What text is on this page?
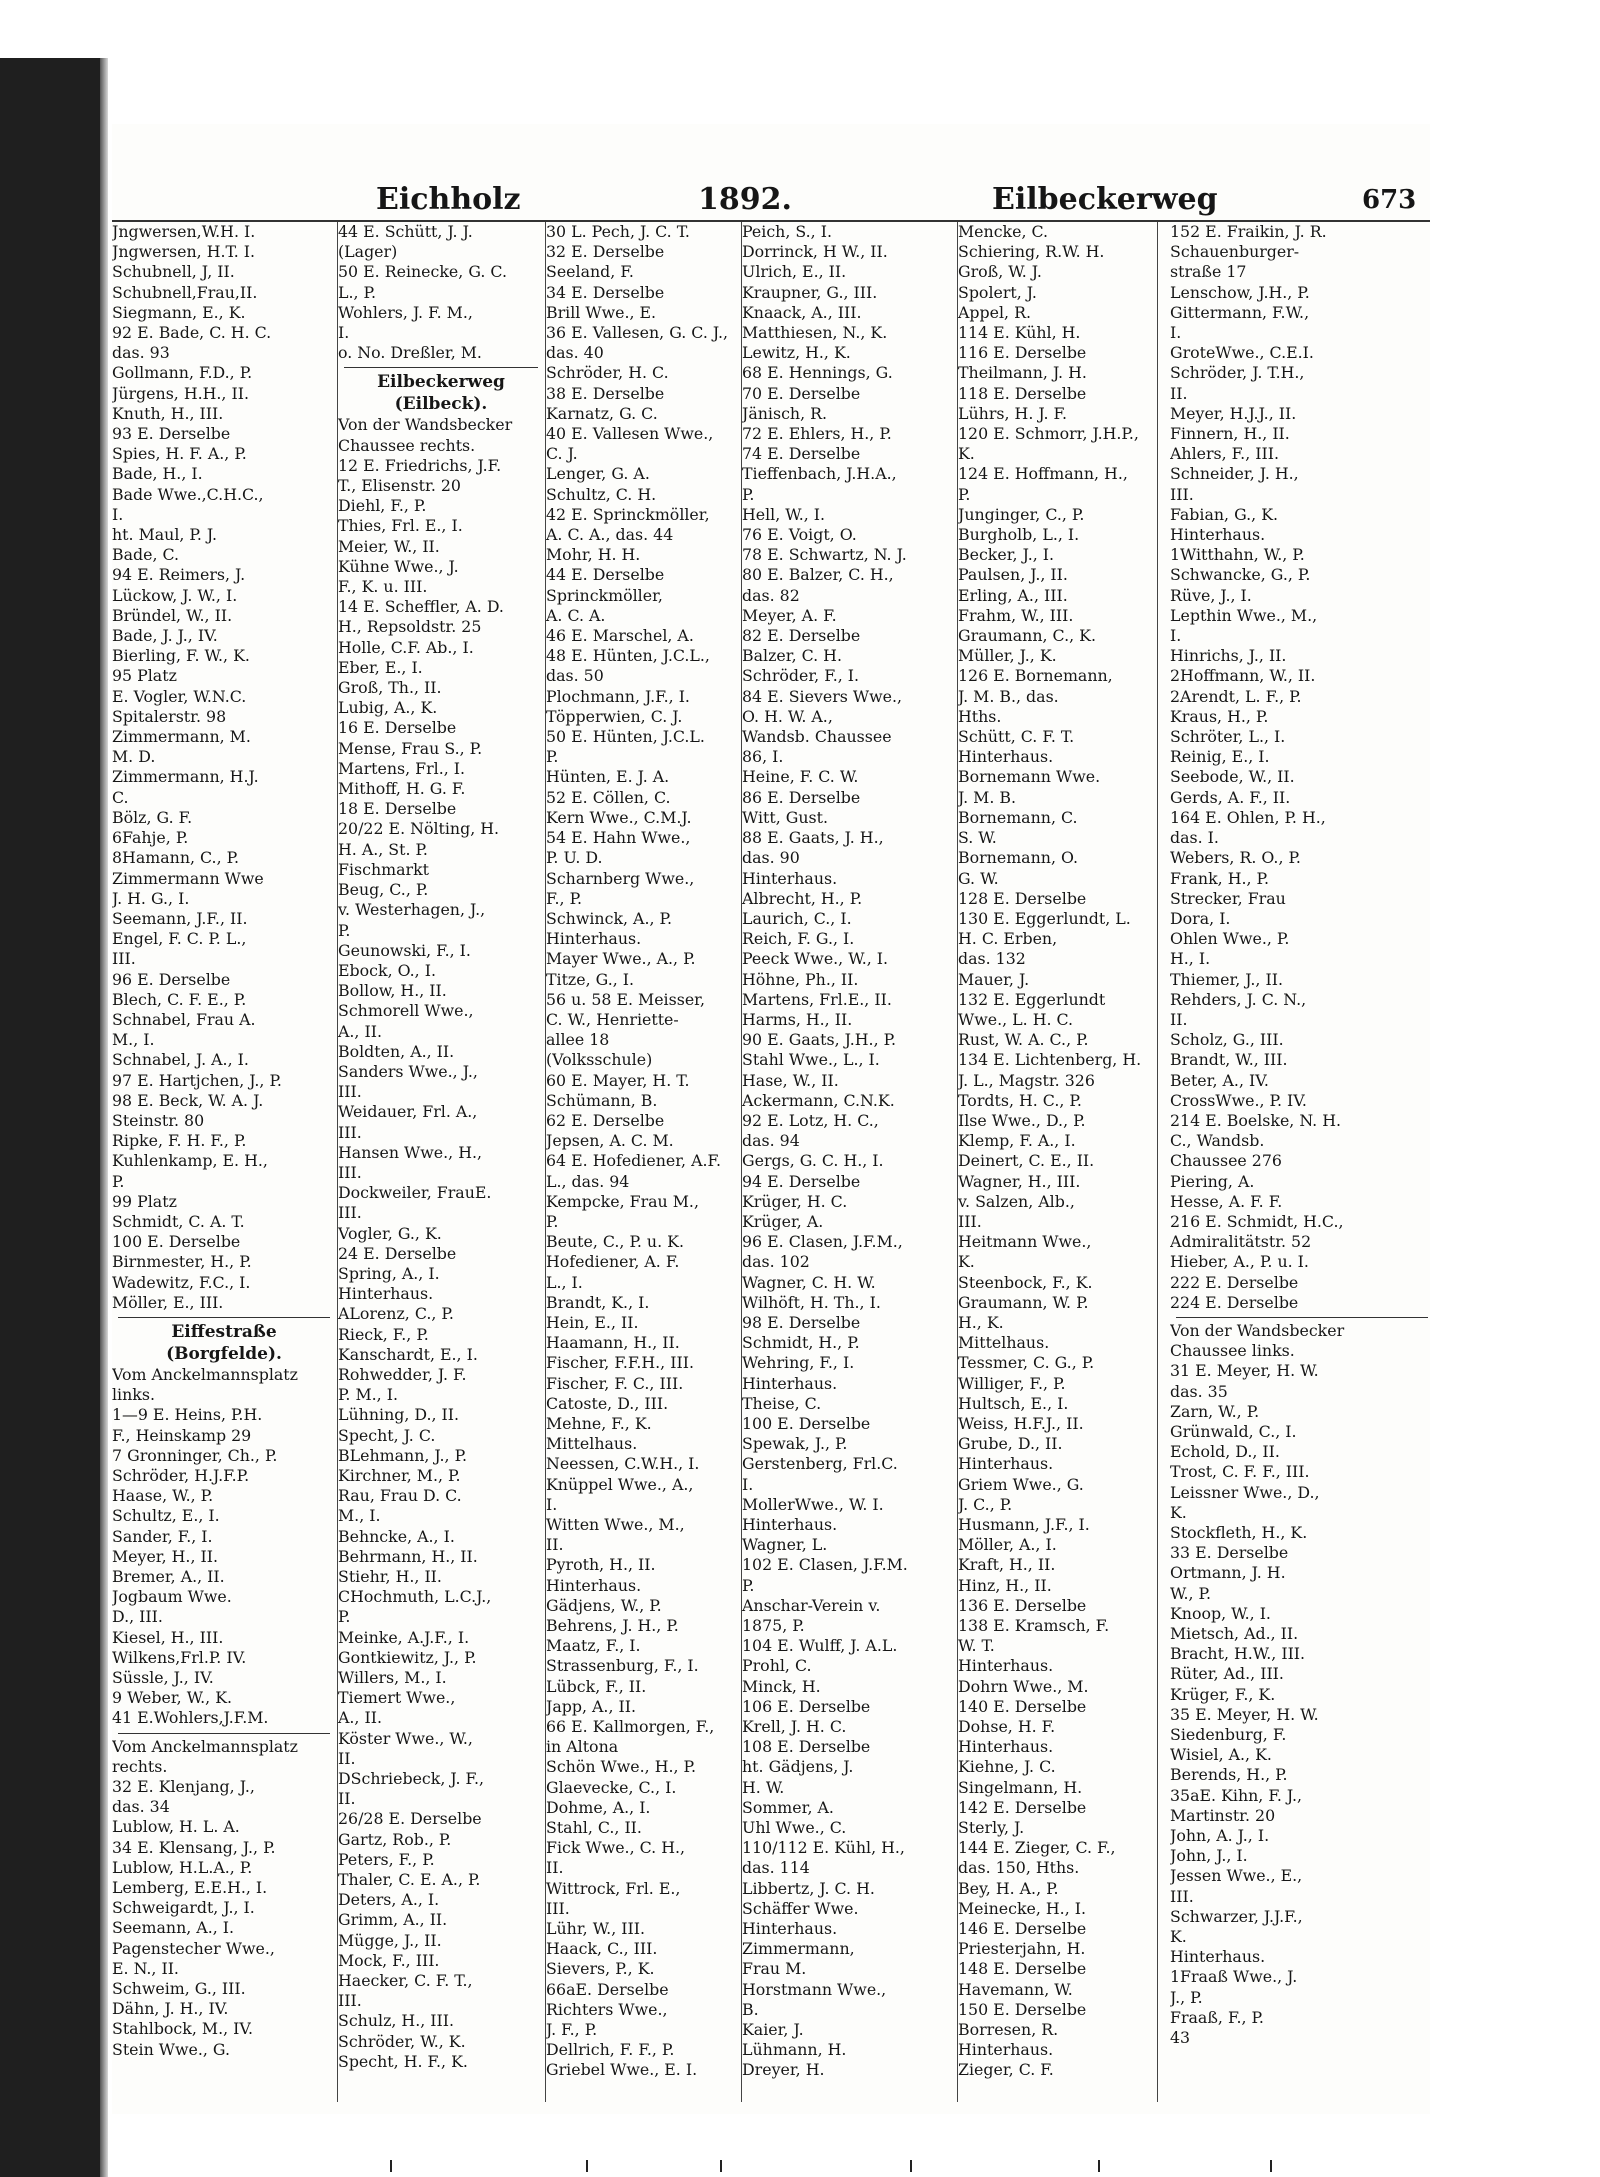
Eichholz	1892.	Eilbeckerweg	673
Jngwersen,W.H. I.
Jngwersen, H.T. I.
Schubnell, J, II.
Schubnell,Frau,II.
Siegmann, E., K.
92 E. Bade, C. H. C.
das. 93
Gollmann, F.D., P.
Jürgens, H.H., II.
Knuth, H., III.
93 E. Derselbe
Spies, H. F. A., P.
Bade, H., I.
Bade Wwe.,C.H.C.,
I.
ht. Maul, P. J.
Bade, C.
94 E. Reimers, J.
Lückow, J. W., I.
Bründel, W., II.
Bade, J. J., IV.
Bierling, F. W., K.
95 Platz
E. Vogler, W.N.C.
Spitalerstr. 98
Zimmermann, M.
M. D.
Zimmermann, H.J.
C.
Bölz, G. F.
6Fahje, P.
8Hamann, C., P.
Zimmermann Wwe
J. H. G., I.
Seemann, J.F., II.
Engel, F. C. P. L.,
III.
96 E. Derselbe
Blech, C. F. E., P.
Schnabel, Frau A.
M., I.
Schnabel, J. A., I.
97 E. Hartjchen, J., P.
98 E. Beck, W. A. J.
Steinstr. 80
Ripke, F. H. F., P.
Kuhlenkamp, E. H.,
P.
99 Platz
Schmidt, C. A. T.
100 E. Derselbe
Birnmester, H., P.
Wadewitz, F.C., I.
Möller, E., III.
Eiffestraße
(Borgfelde).
Vom Anckelmannsplatz
links.
1—9 E. Heins, P.H.
F., Heinskamp 29
7 Gronninger, Ch., P.
Schröder, H.J.F.P.
Haase, W., P.
Schultz, E., I.
Sander, F., I.
Meyer, H., II.
Bremer, A., II.
Jogbaum Wwe.
D., III.
Kiesel, H., III.
Wilkens,Frl.P. IV.
Süssle, J., IV.
9 Weber, W., K.
41 E.Wohlers,J.F.M.
Vom Anckelmannsplatz
rechts.
32 E. Klenjang, J.,
das. 34
Lublow, H. L. A.
34 E. Klensang, J., P.
Lublow, H.L.A., P.
Lemberg, E.E.H., I.
Schweigardt, J., I.
Seemann, A., I.
Pagenstecher Wwe.,
E. N., II.
Schweim, G., III.
Dähn, J. H., IV.
Stahlbock, M., IV.
Stein Wwe., G.
44 E. Schütt, J. J.
(Lager)
50 E. Reinecke, G. C.
L., P.
Wohlers, J. F. M.,
I.
o. No. Dreßler, M.
Eilbeckerweg
(Eilbeck).
Von der Wandsbecker
Chaussee rechts.
12 E. Friedrichs, J.F.
T., Elisenstr. 20
Diehl, F., P.
Thies, Frl. E., I.
Meier, W., II.
Kühne Wwe., J.
F., K. u. III.
14 E. Scheffler, A. D.
H., Repsoldstr. 25
Holle, C.F. Ab., I.
Eber, E., I.
Groß, Th., II.
Lubig, A., K.
16 E. Derselbe
Mense, Frau S., P.
Martens, Frl., I.
Mithoff, H. G. F.
18 E. Derselbe
20/22 E. Nölting, H.
H. A., St. P.
Fischmarkt
Beug, C., P.
v. Westerhagen, J.,
P.
Geunowski, F., I.
Ebock, O., I.
Bollow, H., II.
Schmorell Wwe.,
A., II.
Boldten, A., II.
Sanders Wwe., J.,
III.
Weidauer, Frl. A.,
III.
Hansen Wwe., H.,
III.
Dockweiler, FrauE.
III.
Vogler, G., K.
24 E. Derselbe
Spring, A., I.
Hinterhaus.
ALorenz, C., P.
Rieck, F., P.
Kanschardt, E., I.
Rohwedder, J. F.
P. M., I.
Lühning, D., II.
Specht, J. C.
BLehmann, J., P.
Kirchner, M., P.
Rau, Frau D. C.
M., I.
Behncke, A., I.
Behrmann, H., II.
Stiehr, H., II.
CHochmuth, L.C.J.,
P.
Meinke, A.J.F., I.
Gontkiewitz, J., P.
Willers, M., I.
Tiemert Wwe.,
A., II.
Köster Wwe., W.,
II.
DSchriebeck, J. F.,
II.
26/28 E. Derselbe
Gartz, Rob., P.
Peters, F., P.
Thaler, C. E. A., P.
Deters, A., I.
Grimm, A., II.
Mügge, J., II.
Mock, F., III.
Haecker, C. F. T.,
III.
Schulz, H., III.
Schröder, W., K.
Specht, H. F., K.
30 L. Pech, J. C. T.
32 E. Derselbe
Seeland, F.
34 E. Derselbe
Brill Wwe., E.
36 E. Vallesen, G. C. J.,
das. 40
Schröder, H. C.
38 E. Derselbe
Karnatz, G. C.
40 E. Vallesen Wwe.,
C. J.
Lenger, G. A.
Schultz, C. H.
42 E. Sprinckmöller,
A. C. A., das. 44
Mohr, H. H.
44 E. Derselbe
Sprinckmöller,
A. C. A.
46 E. Marschel, A.
48 E. Hünten, J.C.L.,
das. 50
Plochmann, J.F., I.
Töpperwien, C. J.
50 E. Hünten, J.C.L.
P.
Hünten, E. J. A.
52 E. Cöllen, C.
Kern Wwe., C.M.J.
54 E. Hahn Wwe.,
P. U. D.
Scharnberg Wwe.,
F., P.
Schwinck, A., P.
Hinterhaus.
Mayer Wwe., A., P.
Titze, G., I.
56 u. 58 E. Meisser,
C. W., Henriette-
allee 18
(Volksschule)
60 E. Mayer, H. T.
Schümann, B.
62 E. Derselbe
Jepsen, A. C. M.
64 E. Hofediener, A.F.
L., das. 94
Kempcke, Frau M.,
P.
Beute, C., P. u. K.
Hofediener, A. F.
L., I.
Brandt, K., I.
Hein, E., II.
Haamann, H., II.
Fischer, F.F.H., III.
Fischer, F. C., III.
Catoste, D., III.
Mehne, F., K.
Mittelhaus.
Neessen, C.W.H., I.
Knüppel Wwe., A.,
I.
Witten Wwe., M.,
II.
Pyroth, H., II.
Hinterhaus.
Gädjens, W., P.
Behrens, J. H., P.
Maatz, F., I.
Strassenburg, F., I.
Lübck, F., II.
Japp, A., II.
66 E. Kallmorgen, F.,
in Altona
Schön Wwe., H., P.
Glaevecke, C., I.
Dohme, A., I.
Stahl, C., II.
Fick Wwe., C. H.,
II.
Wittrock, Frl. E.,
III.
Lühr, W., III.
Haack, C., III.
Sievers, P., K.
66aE. Derselbe
Richters Wwe.,
J. F., P.
Dellrich, F. F., P.
Griebel Wwe., E. I.
Peich, S., I.
Dorrinck, H W., II.
Ulrich, E., II.
Kraupner, G., III.
Knaack, A., III.
Matthiesen, N., K.
Lewitz, H., K.
68 E. Hennings, G.
70 E. Derselbe
Jänisch, R.
72 E. Ehlers, H., P.
74 E. Derselbe
Tieffenbach, J.H.A.,
P.
Hell, W., I.
76 E. Voigt, O.
78 E. Schwartz, N. J.
80 E. Balzer, C. H.,
das. 82
Meyer, A. F.
82 E. Derselbe
Balzer, C. H.
Schröder, F., I.
84 E. Sievers Wwe.,
O. H. W. A.,
Wandsb. Chaussee
86, I.
Heine, F. C. W.
86 E. Derselbe
Witt, Gust.
88 E. Gaats, J. H.,
das. 90
Hinterhaus.
Albrecht, H., P.
Laurich, C., I.
Reich, F. G., I.
Peeck Wwe., W., I.
Höhne, Ph., II.
Martens, Frl.E., II.
Harms, H., II.
90 E. Gaats, J.H., P.
Stahl Wwe., L., I.
Hase, W., II.
Ackermann, C.N.K.
92 E. Lotz, H. C.,
das. 94
Gergs, G. C. H., I.
94 E. Derselbe
Krüger, H. C.
Krüger, A.
96 E. Clasen, J.F.M.,
das. 102
Wagner, C. H. W.
Wilhöft, H. Th., I.
98 E. Derselbe
Schmidt, H., P.
Wehring, F., I.
Hinterhaus.
Theise, C.
100 E. Derselbe
Spewak, J., P.
Gerstenberg, Frl.C.
I.
MollerWwe., W. I.
Hinterhaus.
Wagner, L.
102 E. Clasen, J.F.M.
P.
Anschar-Verein v.
1875, P.
104 E. Wulff, J. A.L.
Prohl, C.
Minck, H.
106 E. Derselbe
Krell, J. H. C.
108 E. Derselbe
ht. Gädjens, J.
H. W.
Sommer, A.
Uhl Wwe., C.
110/112 E. Kühl, H.,
das. 114
Libbertz, J. C. H.
Schäffer Wwe.
Hinterhaus.
Zimmermann,
Frau M.
Horstmann Wwe.,
B.
Kaier, J.
Lühmann, H.
Dreyer, H.
Mencke, C.
Schiering, R.W. H.
Groß, W. J.
Spolert, J.
Appel, R.
114 E. Kühl, H.
116 E. Derselbe
Theilmann, J. H.
118 E. Derselbe
Lührs, H. J. F.
120 E. Schmorr, J.H.P.,
K.
124 E. Hoffmann, H.,
P.
Junginger, C., P.
Burgholb, L., I.
Becker, J., I.
Paulsen, J., II.
Erling, A., III.
Frahm, W., III.
Graumann, C., K.
Müller, J., K.
126 E. Bornemann,
J. M. B., das.
Hths.
Schütt, C. F. T.
Hinterhaus.
Bornemann Wwe.
J. M. B.
Bornemann, C.
S. W.
Bornemann, O.
G. W.
128 E. Derselbe
130 E. Eggerlundt, L.
H. C. Erben,
das. 132
Mauer, J.
132 E. Eggerlundt
Wwe., L. H. C.
Rust, W. A. C., P.
134 E. Lichtenberg, H.
J. L., Magstr. 326
Tordts, H. C., P.
Ilse Wwe., D., P.
Klemp, F. A., I.
Deinert, C. E., II.
Wagner, H., III.
v. Salzen, Alb.,
III.
Heitmann Wwe.,
K.
Steenbock, F., K.
Graumann, W. P.
H., K.
Mittelhaus.
Tessmer, C. G., P.
Williger, F., P.
Hultsch, E., I.
Weiss, H.F.J., II.
Grube, D., II.
Hinterhaus.
Griem Wwe., G.
J. C., P.
Husmann, J.F., I.
Möller, A., I.
Kraft, H., II.
Hinz, H., II.
136 E. Derselbe
138 E. Kramsch, F.
W. T.
Hinterhaus.
Dohrn Wwe., M.
140 E. Derselbe
Dohse, H. F.
Hinterhaus.
Kiehne, J. C.
Singelmann, H.
142 E. Derselbe
Sterly, J.
144 E. Zieger, C. F.,
das. 150, Hths.
Bey, H. A., P.
Meinecke, H., I.
146 E. Derselbe
Priesterjahn, H.
148 E. Derselbe
Havemann, W.
150 E. Derselbe
Borresen, R.
Hinterhaus.
Zieger, C. F.
152 E. Fraikin, J. R.
Schauenburger-
straße 17
Lenschow, J.H., P.
Gittermann, F.W.,
I.
GroteWwe., C.E.I.
Schröder, J. T.H.,
II.
Meyer, H.J.J., II.
Finnern, H., II.
Ahlers, F., III.
Schneider, J. H.,
III.
Fabian, G., K.
Hinterhaus.
1Witthahn, W., P.
Schwancke, G., P.
Rüve, J., I.
Lepthin Wwe., M.,
I.
Hinrichs, J., II.
2Hoffmann, W., II.
2Arendt, L. F., P.
Kraus, H., P.
Schröter, L., I.
Reinig, E., I.
Seebode, W., II.
Gerds, A. F., II.
164 E. Ohlen, P. H.,
das. I.
Webers, R. O., P.
Frank, H., P.
Strecker, Frau
Dora, I.
Ohlen Wwe., P.
H., I.
Thiemer, J., II.
Rehders, J. C. N.,
II.
Scholz, G., III.
Brandt, W., III.
Beter, A., IV.
CrossWwe., P. IV.
214 E. Boelske, N. H.
C., Wandsb.
Chaussee 276
Piering, A.
Hesse, A. F. F.
216 E. Schmidt, H.C.,
Admiralitätstr. 52
Hieber, A., P. u. I.
222 E. Derselbe
224 E. Derselbe
Von der Wandsbecker
Chaussee links.
31 E. Meyer, H. W.
das. 35
Zarn, W., P.
Grünwald, C., I.
Echold, D., II.
Trost, C. F. F., III.
Leissner Wwe., D.,
K.
Stockfleth, H., K.
33 E. Derselbe
Ortmann, J. H.
W., P.
Knoop, W., I.
Mietsch, Ad., II.
Bracht, H.W., III.
Rüter, Ad., III.
Krüger, F., K.
35 E. Meyer, H. W.
Siedenburg, F.
Wisiel, A., K.
Berends, H., P.
35aE. Kihn, F. J.,
Martinstr. 20
John, A. J., I.
John, J., I.
Jessen Wwe., E.,
III.
Schwarzer, J.J.F.,
K.
Hinterhaus.
1Fraaß Wwe., J.
J., P.
Fraaß, F., P.
43
